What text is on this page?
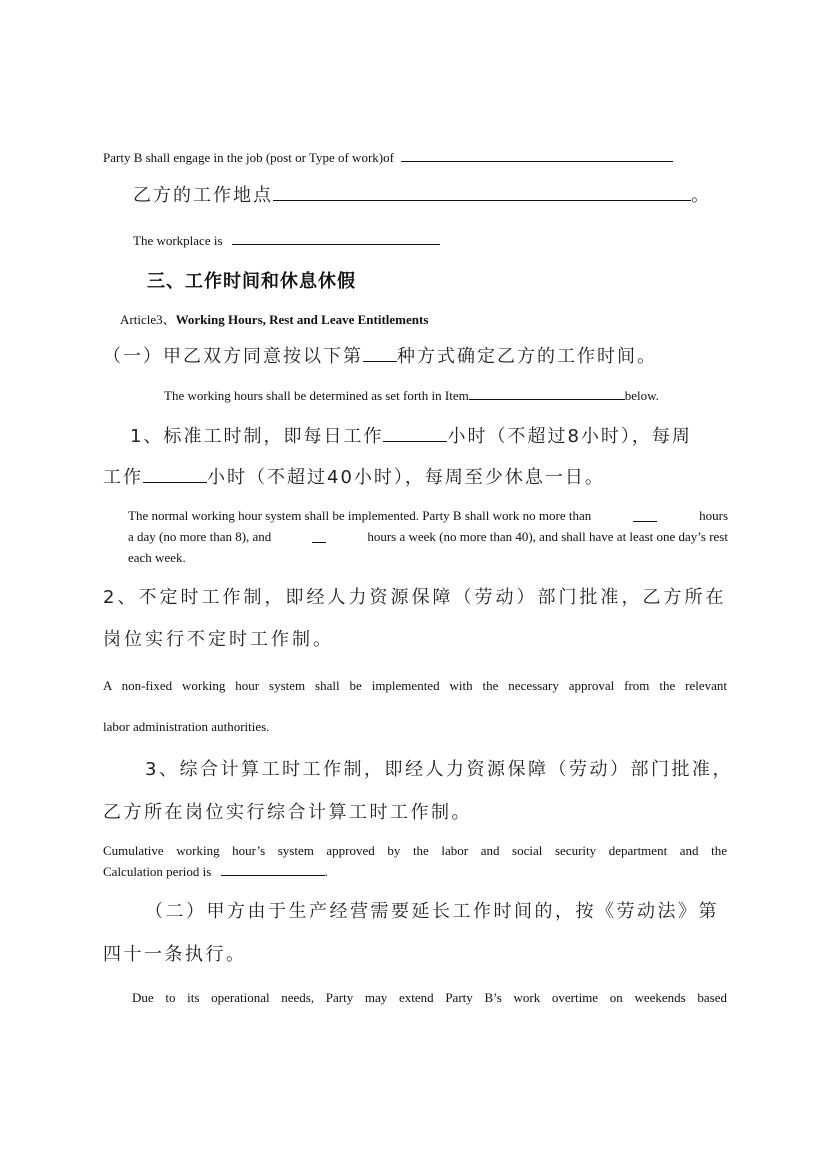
Party B shall engage in the job (post or Type of work)of
乙方的工作地点	。
The workplace is
三、工作时间和休息休假
Article3、Working Hours, Rest and Leave Entitlements
（一）甲乙双方同意按以下第 种方式确定乙方的工作时间。
The working hours shall be determined as set forth in Item	below.
1、标准工时制，即每日工作	小时（不超过8小时），每周
工作	小时（不超过40小时），每周至少休息一日。
The normal working hour system shall be implemented. Party B shall work no more than	hours
a day (no more than 8), and	hours a week (no more than 40), and shall have at least one day’s rest
each week.
2、不定时工作制，即经人力资源保障（劳动）部门批准，乙方所在
岗位实行不定时工作制。
A non-fixed working hour system shall be implemented with the necessary approval from the relevant
labor administration authorities.
3、综合计算工时工作制，即经人力资源保障（劳动）部门批准，
乙方所在岗位实行综合计算工时工作制。
Cumulative working hour’s system approved by the labor and social security department and the
Calculation period is	.
（二）甲方由于生产经营需要延长工作时间的，按《劳动法》第
四十一条执行。
Due to its operational needs, Party may extend Party B’s work overtime on weekends based
